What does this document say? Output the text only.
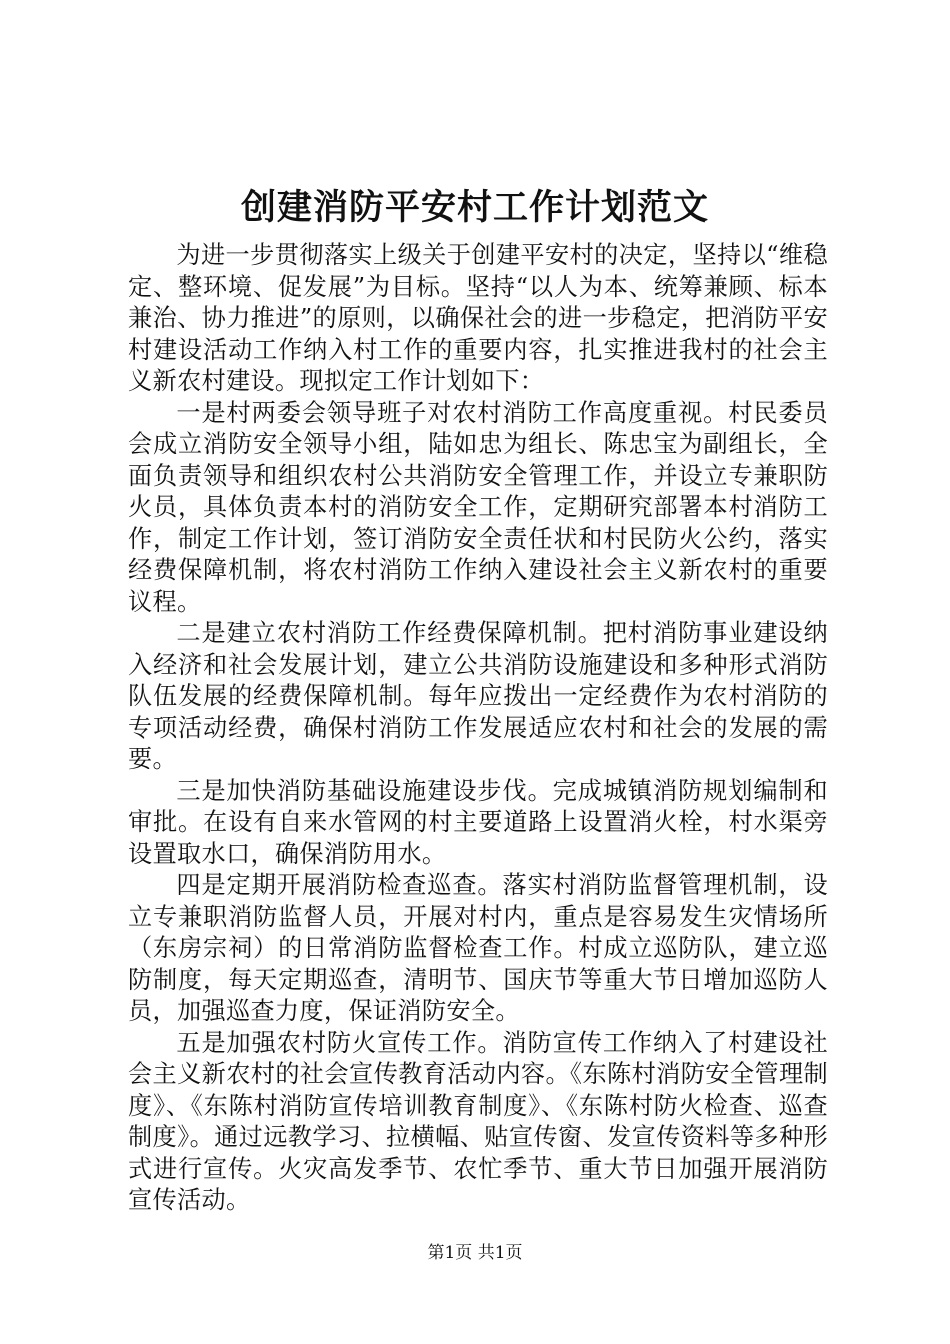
创建消防平安村工作计划范文

为进一步贯彻落实上级关于创建平安村的决定，坚持以“维稳定、整环境、促发展”为目标。坚持“以人为本、统筹兼顾、标本兼治、协力推进”的原则，以确保社会的进一步稳定，把消防平安村建设活动工作纳入村工作的重要内容，扎实推进我村的社会主义新农村建设。现拟定工作计划如下：

一是村两委会领导班子对农村消防工作高度重视。村民委员会成立消防安全领导小组，陆如忠为组长、陈忠宝为副组长，全面负责领导和组织农村公共消防安全管理工作，并设立专兼职防火员，具体负责本村的消防安全工作，定期研究部署本村消防工作，制定工作计划，签订消防安全责任状和村民防火公约，落实经费保障机制，将农村消防工作纳入建设社会主义新农村的重要议程。

二是建立农村消防工作经费保障机制。把村消防事业建设纳入经济和社会发展计划，建立公共消防设施建设和多种形式消防队伍发展的经费保障机制。每年应拨出一定经费作为农村消防的专项活动经费，确保村消防工作发展适应农村和社会的发展的需要。

三是加快消防基础设施建设步伐。完成城镇消防规划编制和审批。在设有自来水管网的村主要道路上设置消火栓，村水渠旁设置取水口，确保消防用水。

四是定期开展消防检查巡查。落实村消防监督管理机制，设立专兼职消防监督人员，开展对村内，重点是容易发生灾情场所（东房宗祠）的日常消防监督检查工作。村成立巡防队，建立巡防制度，每天定期巡查，清明节、国庆节等重大节日增加巡防人员，加强巡查力度，保证消防安全。

五是加强农村防火宣传工作。消防宣传工作纳入了村建设社会主义新农村的社会宣传教育活动内容。《东陈村消防安全管理制度》、《东陈村消防宣传培训教育制度》、《东陈村防火检查、巡查制度》。通过远教学习、拉横幅、贴宣传窗、发宣传资料等多种形式进行宣传。火灾高发季节、农忙季节、重大节日加强开展消防宣传活动。

第1页 共1页
